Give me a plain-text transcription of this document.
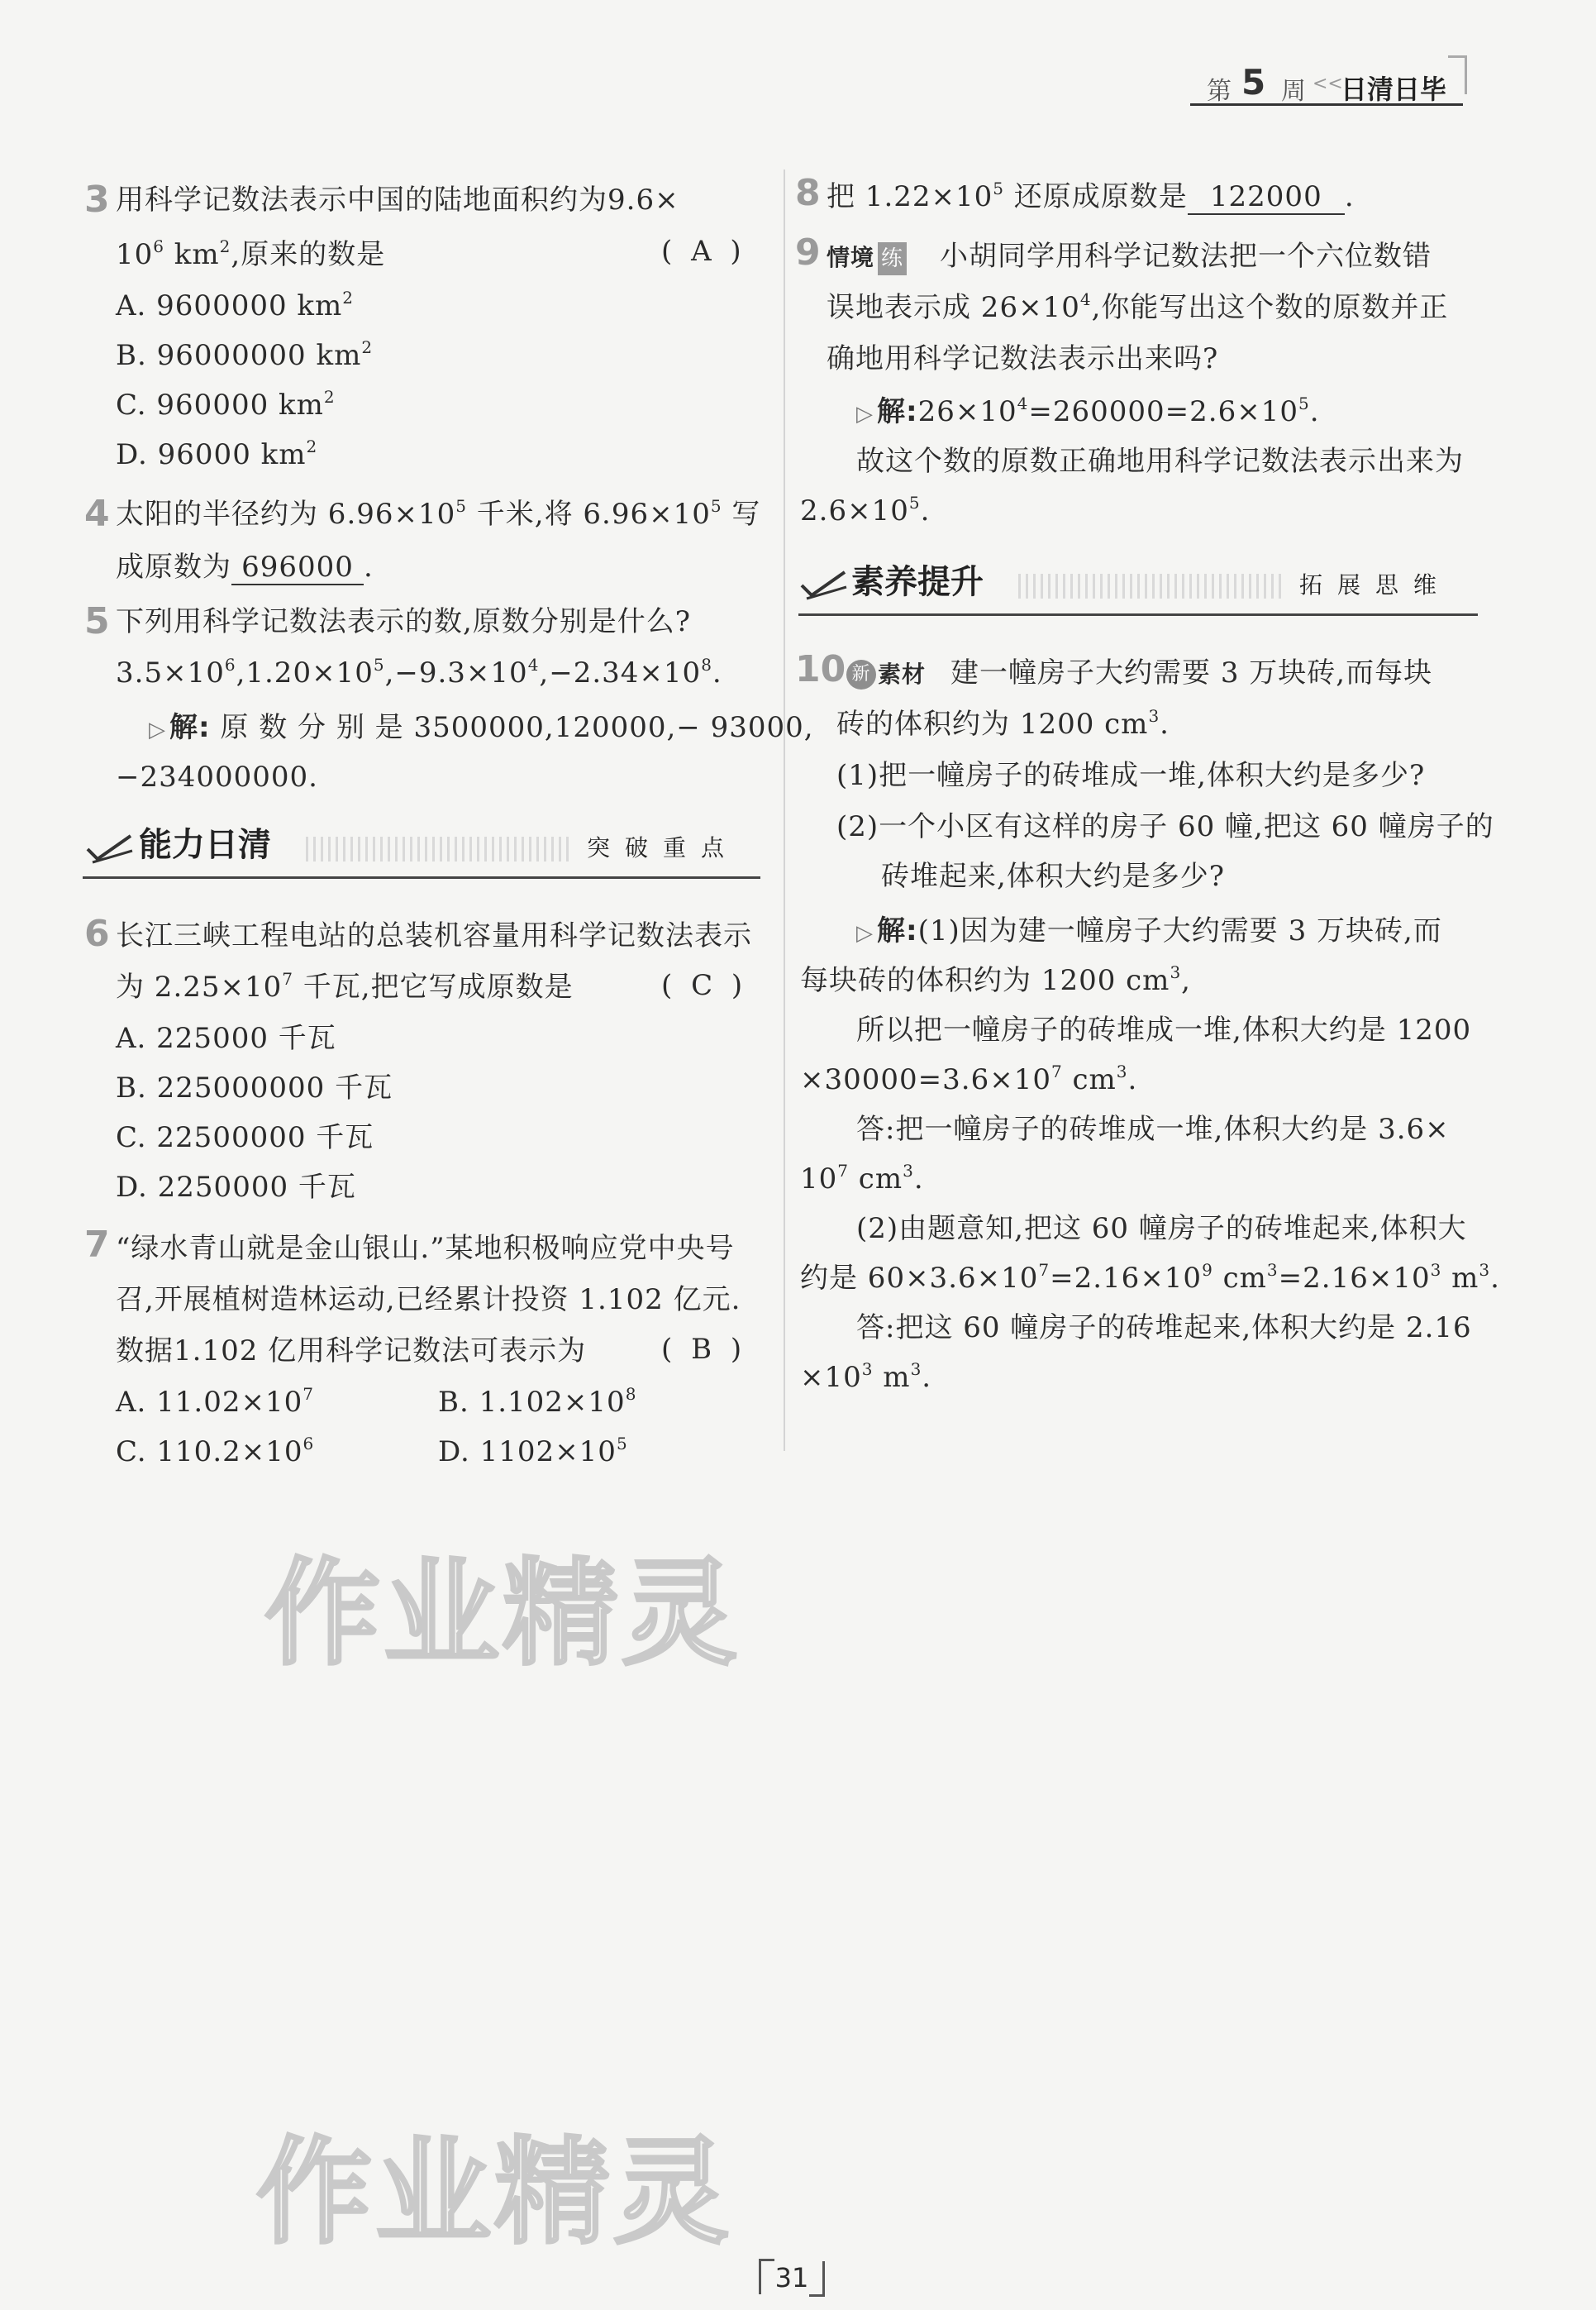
第 5 周 <<
日清日毕
3 用科学记数法表示中国的陆地面积约为9.6×
$10^6$ $km^2$,原来的数是	( A )
A. 9600000 $km^2$
B. 96000000 $km^2$
C. 960000 $km^2$
D. 96000 $km^2$
4 太阳的半径约为 $6.96\times 10^5$ 千米,将 $6.96\times 10^5$ 写
成原数为 696000 .
5 下列用科学记数法表示的数,原数分别是什么?
$3.5\times 10^6,1.20\times 10^5,-9.3\times 10^4,-2.34\times 10^8$.
▷ 解: 原 数 分 别 是 3500000,120000,− 93000,
−234000000.
能力日清	突破重点
6 长江三峡工程电站的总装机容量用科学记数法表示
为 $2.25\times 10^7$ 千瓦,把它写成原数是	( C )
A. 225000 千瓦
B. 225000000 千瓦
C. 22500000 千瓦
D. 2250000 千瓦
7 “绿水青山就是金山银山.”某地积极响应党中央号
召,开展植树造林运动,已经累计投资 1.102 亿元.
数据1.102 亿用科学记数法可表示为	( B )
A. $11.02\times 10^7$	B. $1.102\times 10^8$
C. $110.2\times 10^6$	D. $1102\times 10^5$
8 把 $1.22\times 10^5$ 还原成原数是 122000 .
9 情境 练 小胡同学用科学记数法把一个六位数错
误地表示成 $26\times 10^4$,你能写出这个数的原数并正
确地用科学记数法表示出来吗?
▷ 解$:26\times 10^4=260000=2.6\times 10^5$.
故这个数的原数正确地用科学记数法表示出来为
$2.6\times 10^5$.
素养提升	拓展思维
10 新 素材 建一幢房子大约需要 3 万块砖,而每块
砖的体积约为 1200 $cm^3$.
(1)把一幢房子的砖堆成一堆,体积大约是多少?
(2)一个小区有这样的房子 60 幢,把这 60 幢房子的
砖堆起来,体积大约是多少?
▷ 解:(1)因为建一幢房子大约需要 3 万块砖,而
每块砖的体积约为 1200 $cm^3$,
所以把一幢房子的砖堆成一堆,体积大约是 1200
$\times 30000=3.6\times 10^7$ $cm^3$.
答:把一幢房子的砖堆成一堆,体积大约是 3.6×
$10^7$ $cm^3$.
(2)由题意知,把这 60 幢房子的砖堆起来,体积大
约是 $60\times 3.6\times 10^7=2.16\times 10^9$ $cm^3=2.16\times 10^3$ $m^3$.
答:把这 60 幢房子的砖堆起来,体积大约是 2.16
$\times 10^3$ $m^3$.
作业精灵
作业精灵
31
